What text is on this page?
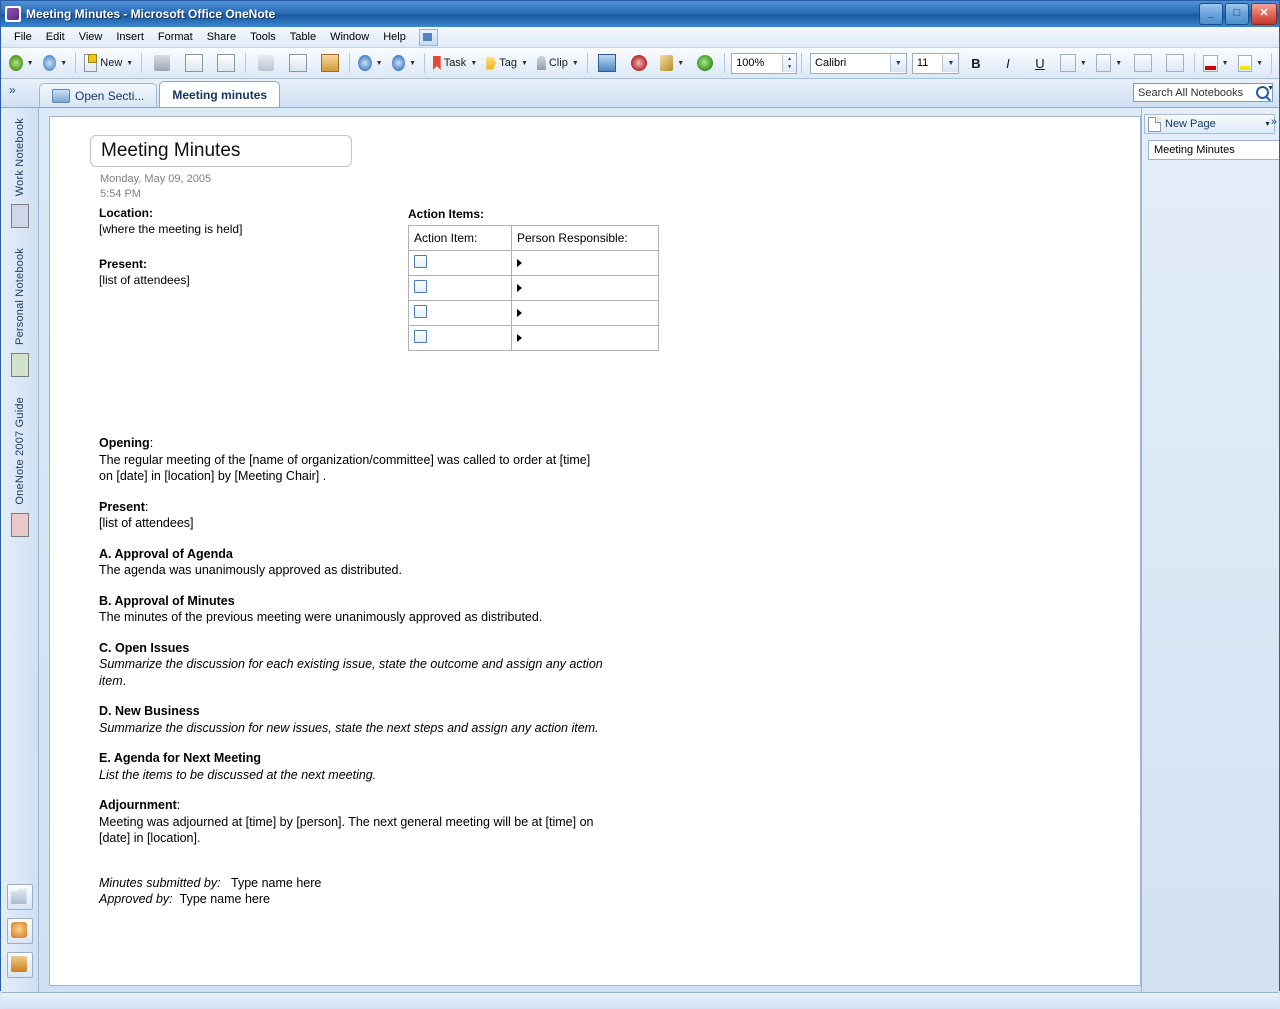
Meeting Minutes - Microsoft Office OneNote	_	□	✕
File	Edit	View	Insert	Format	Share	Tools	Table	Window	Help
▼	▼	New ▼	▼	▼	Task ▼ Tag ▼ Clip ▼	▼	100%	▲
▼	Calibri	▼	11	▼	B	I	U	▼	▼	▼	▼
»	Open Secti... Meeting minutes	Search All Notebooks	▼
Work Notebook
Personal Notebook
OneNote 2007 Guide
Meeting Minutes
Monday, May 09, 2005
5:54 PM
Location:
[where the meeting is held]
Present:
[list of attendees]
Action Items:
Action Item:	Person Responsible:

Opening:

The regular meeting of the [name of organization/committee] was called to order at [time]

on [date] in [location] by [Meeting Chair] .

Present:

[list of attendees]

A. Approval of Agenda

The agenda was unanimously approved as distributed.

B. Approval of Minutes

The minutes of the previous meeting were unanimously approved as distributed.

C. Open Issues

Summarize the discussion for each existing issue, state the outcome and assign any action

item.

D. New Business

Summarize the discussion for new issues, state the next steps and assign any action item.

E. Agenda for Next Meeting

List the items to be discussed at the next meeting.

Adjournment:

Meeting was adjourned at [time] by [person]. The next general meeting will be at [time] on

[date] in [location].

Minutes submitted by: Type name here

Approved by: Type name here

New Page	▼ »
Meeting Minutes
